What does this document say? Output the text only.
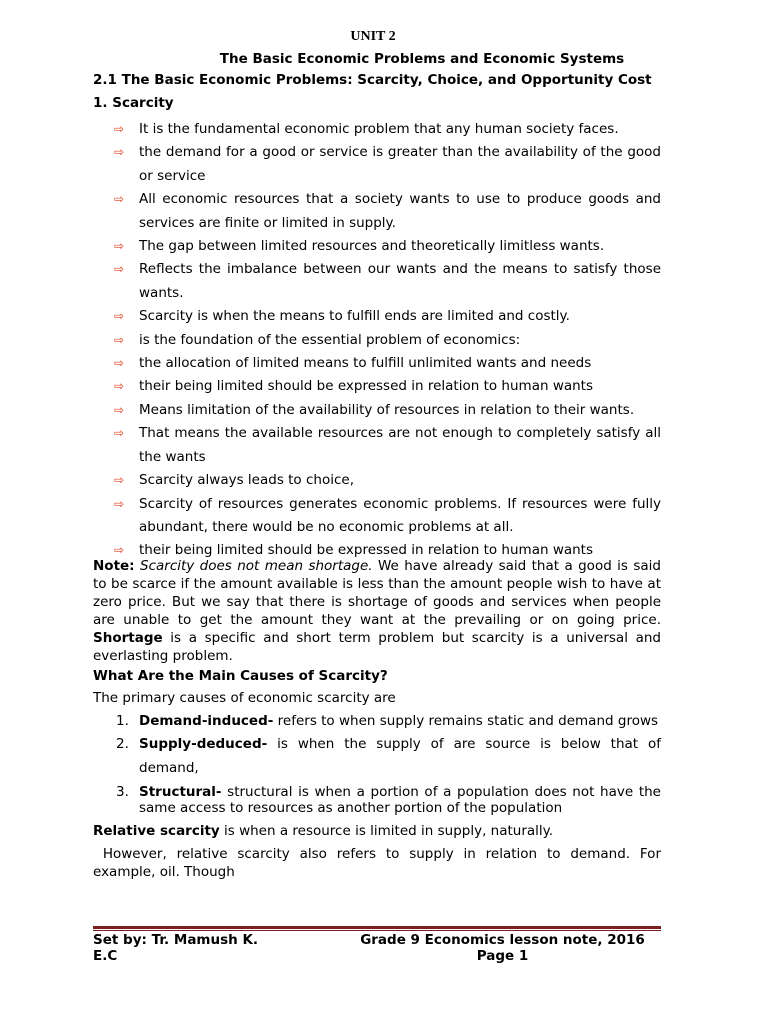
UNIT 2
The Basic Economic Problems and Economic Systems
2.1 The Basic Economic Problems: Scarcity, Choice, and Opportunity Cost
1. Scarcity
⇨ It is the fundamental economic problem that any human society faces.
⇨ the demand for a good or service is greater than the availability of the good or service
⇨ All economic resources that a society wants to use to produce goods and services are finite or limited in supply.
⇨ The gap between limited resources and theoretically limitless wants.
⇨ Reflects the imbalance between our wants and the means to satisfy those wants.
⇨ Scarcity is when the means to fulfill ends are limited and costly.
⇨ is the foundation of the essential problem of economics:
⇨ the allocation of limited means to fulfill unlimited wants and needs
⇨ their being limited should be expressed in relation to human wants
⇨ Means limitation of the availability of resources in relation to their wants.
⇨ That means the available resources are not enough to completely satisfy all the wants
⇨ Scarcity always leads to choice,
⇨ Scarcity of resources generates economic problems. If resources were fully abundant, there would be no economic problems at all.
⇨ their being limited should be expressed in relation to human wants
Note: Scarcity does not mean shortage. We have already said that a good is said to be scarce if the amount available is less than the amount people wish to have at zero price. But we say that there is shortage of goods and services when people are unable to get the amount they want at the prevailing or on going price. Shortage is a specific and short term problem but scarcity is a universal and everlasting problem.
What Are the Main Causes of Scarcity?
The primary causes of economic scarcity are
1. Demand-induced- refers to when supply remains static and demand grows
2. Supply-deduced- is when the supply of are source is below that of demand,
3. Structural- structural is when a portion of a population does not have the same access to resources as another portion of the population
Relative scarcity is when a resource is limited in supply, naturally.
However, relative scarcity also refers to supply in relation to demand. For example, oil. Though
Set by: Tr. Mamush K. E.C
Grade 9 Economics lesson note, 2016
Page 1
